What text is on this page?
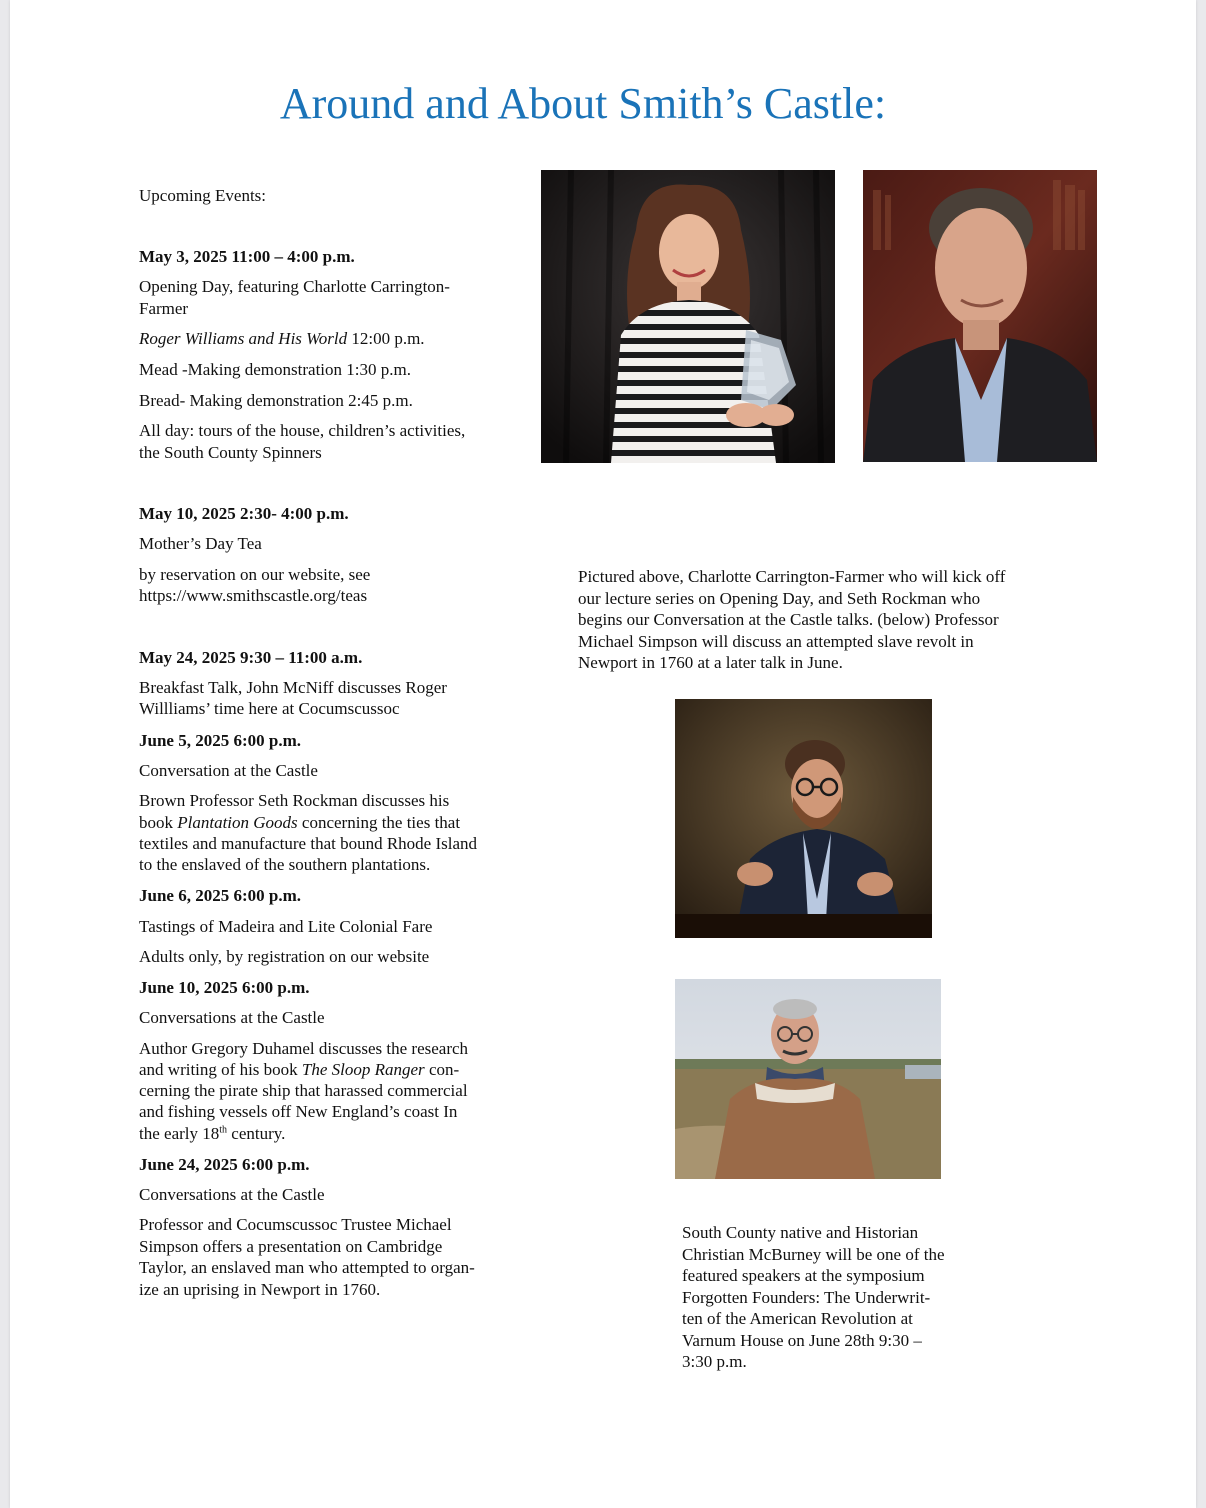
Around and About Smith’s Castle:
Upcoming Events:
May 3, 2025 11:00 – 4:00 p.m.
Opening Day, featuring Charlotte Carrington-
Farmer
Roger Williams and His World 12:00 p.m.
Mead -Making demonstration 1:30 p.m.
Bread- Making demonstration 2:45 p.m.
All day: tours of the house, children’s activities,
the South County Spinners
May 10, 2025 2:30- 4:00 p.m.
Mother’s Day Tea
by reservation on our website, see
https://www.smithscastle.org/teas
May 24, 2025 9:30 – 11:00 a.m.
Breakfast Talk, John McNiff discusses Roger
Willliams’ time here at Cocumscussoc
June 5, 2025 6:00 p.m.
Conversation at the Castle
Brown Professor Seth Rockman discusses his
book Plantation Goods concerning the ties that
textiles and manufacture that bound Rhode Island
to the enslaved of the southern plantations.
June 6, 2025 6:00 p.m.
Tastings of Madeira and Lite Colonial Fare
Adults only, by registration on our website
June 10, 2025 6:00 p.m.
Conversations at the Castle
Author Gregory Duhamel discusses the research
and writing of his book The Sloop Ranger con-
cerning the pirate ship that harassed commercial
and fishing vessels off New England’s coast In
the early 18th century.
June 24, 2025 6:00 p.m.
Conversations at the Castle
Professor and Cocumscussoc Trustee Michael
Simpson offers a presentation on Cambridge
Taylor, an enslaved man who attempted to organ-
ize an uprising in Newport in 1760.
Pictured above, Charlotte Carrington-Farmer who will kick off
our lecture series on Opening Day, and Seth Rockman who
begins our Conversation at the Castle talks. (below) Professor
Michael Simpson will discuss an attempted slave revolt in
Newport in 1760 at a later talk in June.
South County native and Historian
Christian McBurney will be one of the
featured speakers at the symposium
Forgotten Founders: The Underwrit-
ten of the American Revolution at
Varnum House on June 28th 9:30 –
3:30 p.m.
